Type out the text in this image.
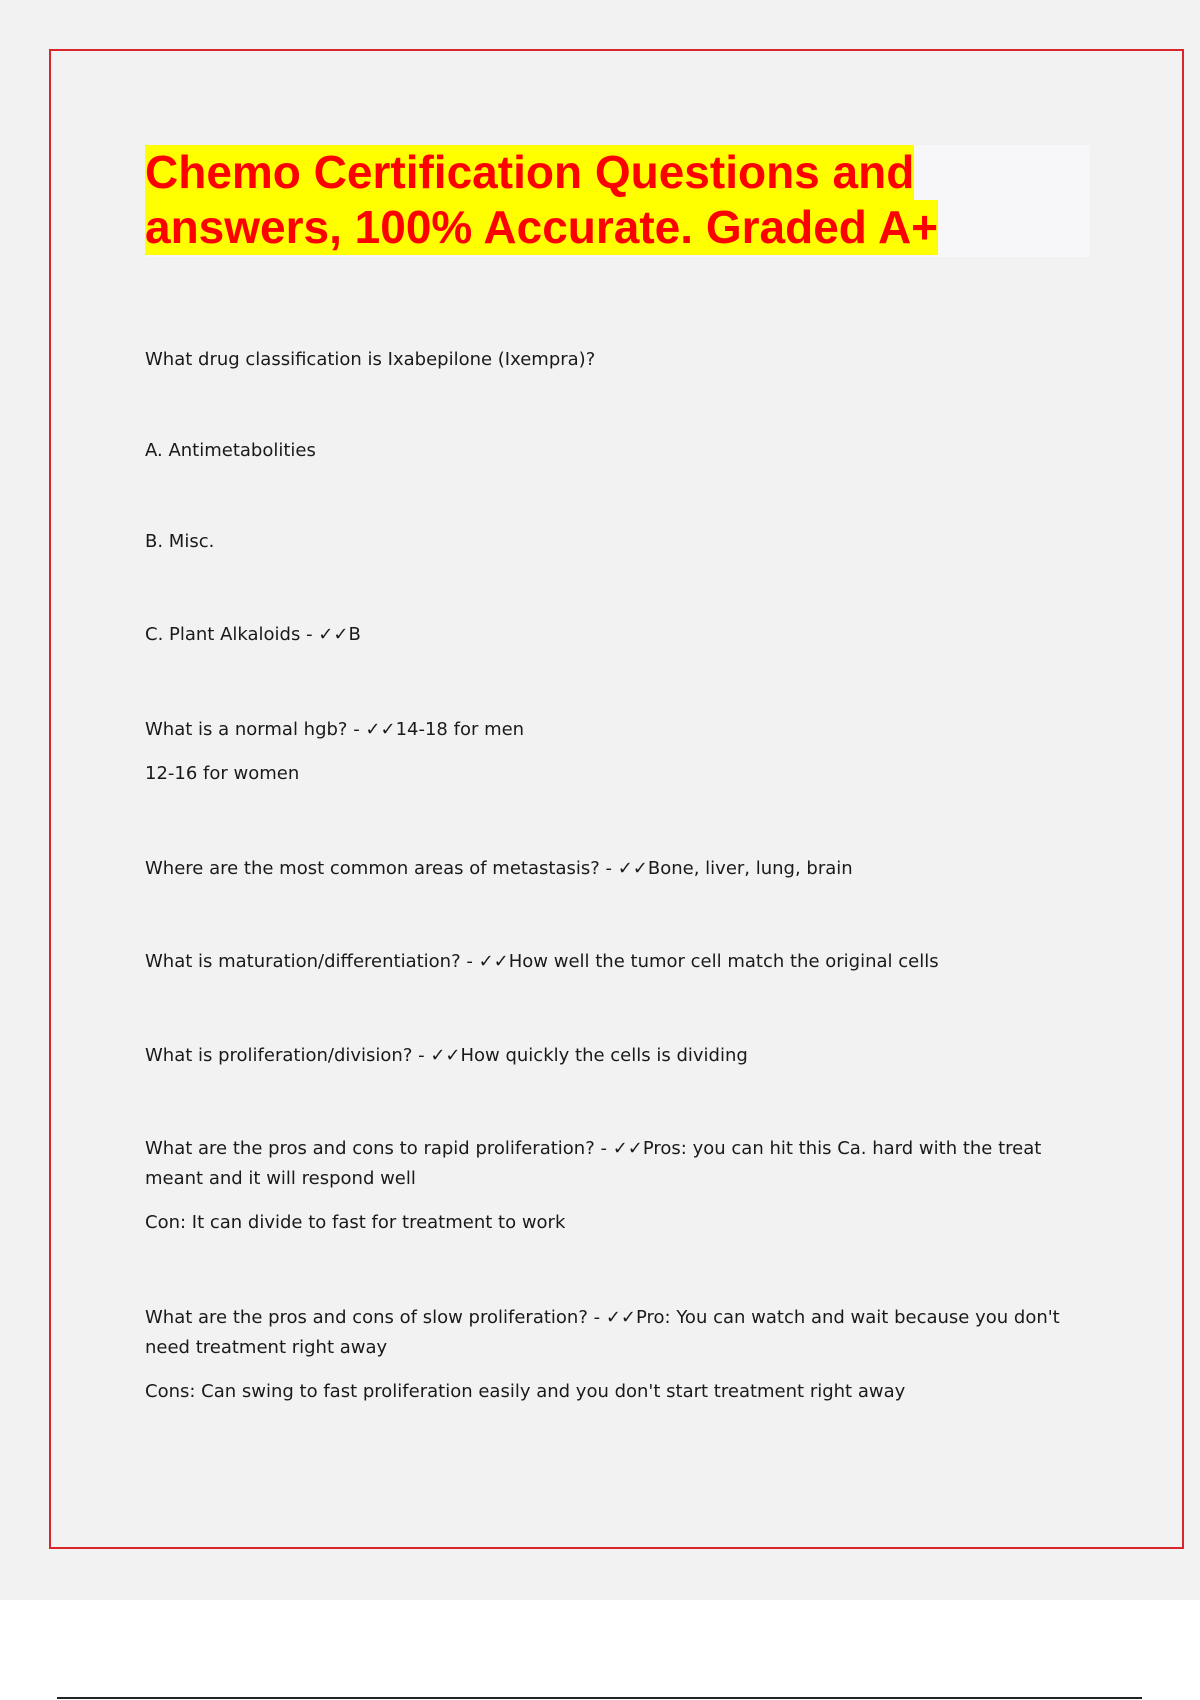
Chemo Certification Questions and
answers, 100% Accurate. Graded A+

What drug classification is Ixabepilone (Ixempra)?

A. Antimetabolities

B. Misc.

C. Plant Alkaloids - ✓✓B

What is a normal hgb? - ✓✓14-18 for men
12-16 for women

Where are the most common areas of metastasis? - ✓✓Bone, liver, lung, brain

What is maturation/differentiation? - ✓✓How well the tumor cell match the original cells

What is proliferation/division? - ✓✓How quickly the cells is dividing

What are the pros and cons to rapid proliferation? - ✓✓Pros: you can hit this Ca. hard with the treat meant and it will respond well
Con: It can divide to fast for treatment to work

What are the pros and cons of slow proliferation? - ✓✓Pro: You can watch and wait because you don't need treatment right away
Cons: Can swing to fast proliferation easily and you don't start treatment right away
